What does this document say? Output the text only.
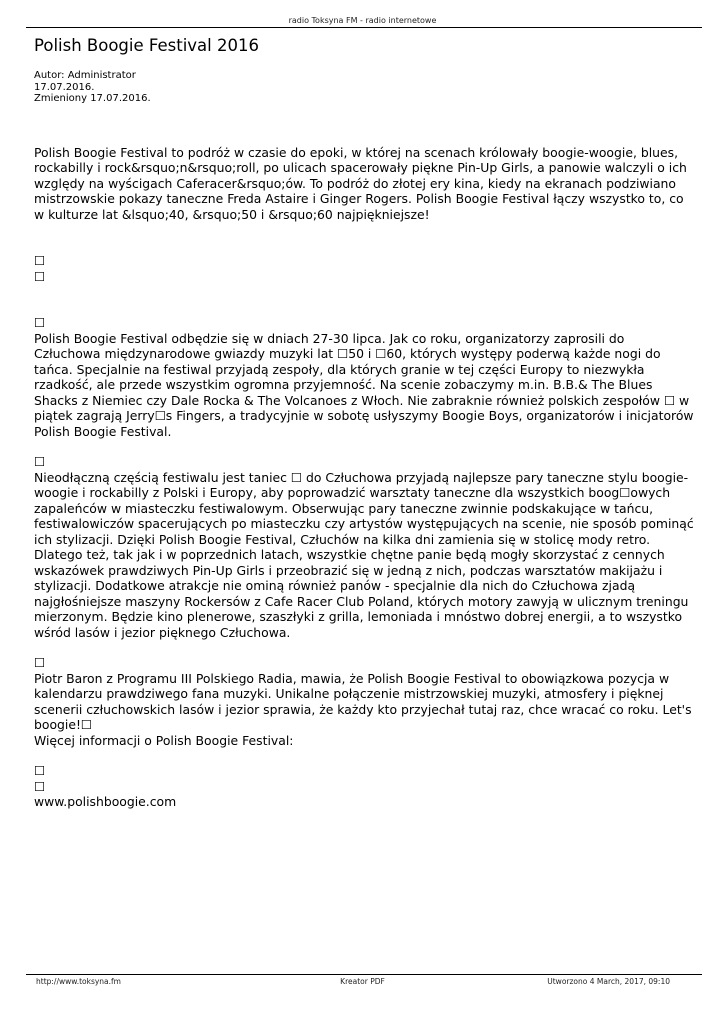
radio Toksyna FM - radio internetowe
Polish Boogie Festival 2016
Autor: Administrator
17.07.2016.
Zmieniony 17.07.2016.

Polish Boogie Festival to podróż w czasie do epoki, w której na scenach królowały boogie-woogie, blues, rockabilly i rock&rsquo;n&rsquo;roll, po ulicach spacerowały piękne Pin-Up Girls, a panowie walczyli o ich względy na wyścigach Caferacer&rsquo;ów. To podróż do złotej ery kina, kiedy na ekranach podziwiano mistrzowskie pokazy taneczne Freda Astaire i Ginger Rogers. Polish Boogie Festival łączy wszystko to, co w kulturze lat &lsquo;40, &rsquo;50 i &rsquo;60 najpiękniejsze!

☐
☐
☐

Polish Boogie Festival odbędzie się w dniach 27-30 lipca. Jak co roku, organizatorzy zaprosili do Człuchowa międzynarodowe gwiazdy muzyki lat ☐50 i ☐60, których występy poderwą każde nogi do tańca. Specjalnie na festiwal przyjadą zespoły, dla których granie w tej części Europy to niezwykła rzadkość, ale przede wszystkim ogromna przyjemność. Na scenie zobaczymy m.in. B.B.& The Blues Shacks z Niemiec czy Dale Rocka & The Volcanoes z Włoch. Nie zabraknie również polskich zespołów ☐ w piątek zagrają Jerry☐s Fingers, a tradycyjnie w sobotę usłyszymy Boogie Boys, organizatorów i inicjatorów Polish Boogie Festival.

☐

Nieodłączną częścią festiwalu jest taniec ☐ do Człuchowa przyjadą najlepsze pary taneczne stylu boogie-woogie i rockabilly z Polski i Europy, aby poprowadzić warsztaty taneczne dla wszystkich boog☐owych zapaleńców w miasteczku festiwalowym. Obserwując pary taneczne zwinnie podskakujące w tańcu, festiwalowiczów spacerujących po miasteczku czy artystów występujących na scenie, nie sposób pominąć ich stylizacji. Dzięki Polish Boogie Festival, Człuchów na kilka dni zamienia się w stolicę mody retro. Dlatego też, tak jak i w poprzednich latach, wszystkie chętne panie będą mogły skorzystać z cennych wskazówek prawdziwych Pin-Up Girls i przeobrazić się w jedną z nich, podczas warsztatów makijażu i stylizacji. Dodatkowe atrakcje nie ominą również panów - specjalnie dla nich do Człuchowa zjadą najgłośniejsze maszyny Rockersów z Cafe Racer Club Poland, których motory zawyją w ulicznym treningu mierzonym. Będzie kino plenerowe, szaszłyki z grilla, lemoniada i mnóstwo dobrej energii, a to wszystko wśród lasów i jezior pięknego Człuchowa.

☐

Piotr Baron z Programu III Polskiego Radia, mawia, że Polish Boogie Festival to obowiązkowa pozycja w kalendarzu prawdziwego fana muzyki. Unikalne połączenie mistrzowskiej muzyki, atmosfery i pięknej scenerii człuchowskich lasów i jezior sprawia, że każdy kto przyjechał tutaj raz, chce wracać co roku. Let's boogie!☐

Więcej informacji o Polish Boogie Festival:
☐
☐
www.polishboogie.com
http://www.toksyna.fm	Kreator PDF	Utworzono 4 March, 2017, 09:10
